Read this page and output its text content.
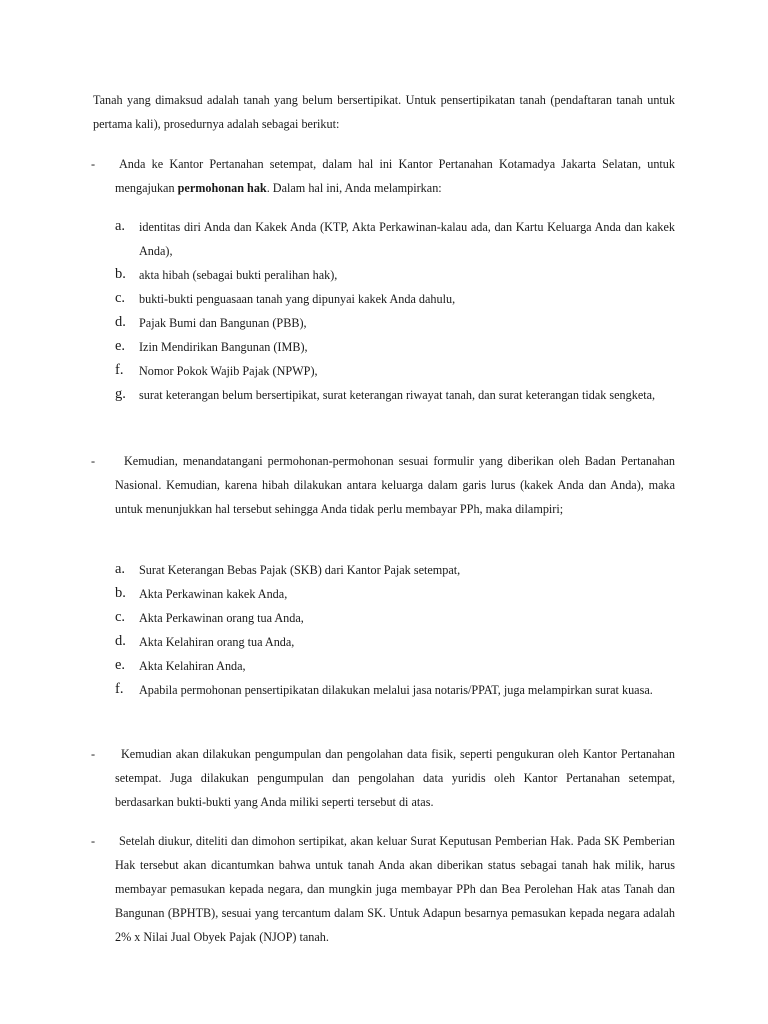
Tanah yang dimaksud adalah tanah yang belum bersertipikat. Untuk pensertipikatan tanah (pendaftaran tanah untuk pertama kali), prosedurnya adalah sebagai berikut:

-	Anda ke Kantor Pertanahan setempat, dalam hal ini Kantor Pertanahan Kotamadya Jakarta Selatan, untuk mengajukan permohonan hak. Dalam hal ini, Anda melampirkan:

a. identitas diri Anda dan Kakek Anda (KTP, Akta Perkawinan-kalau ada, dan Kartu Keluarga Anda dan kakek Anda),
b. akta hibah (sebagai bukti peralihan hak),
c. bukti-bukti penguasaan tanah yang dipunyai kakek Anda dahulu,
d. Pajak Bumi dan Bangunan (PBB),
e. Izin Mendirikan Bangunan (IMB),
f. Nomor Pokok Wajib Pajak (NPWP),
g. surat keterangan belum bersertipikat, surat keterangan riwayat tanah, dan surat keterangan tidak sengketa,
-	Kemudian, menandatangani permohonan-permohonan sesuai formulir yang diberikan oleh Badan Pertanahan Nasional. Kemudian, karena hibah dilakukan antara keluarga dalam garis lurus (kakek Anda dan Anda), maka untuk menunjukkan hal tersebut sehingga Anda tidak perlu membayar PPh, maka dilampiri;

a. Surat Keterangan Bebas Pajak (SKB) dari Kantor Pajak setempat,
b. Akta Perkawinan kakek Anda,
c. Akta Perkawinan orang tua Anda,
d. Akta Kelahiran orang tua Anda,
e. Akta Kelahiran Anda,
f. Apabila permohonan pensertipikatan dilakukan melalui jasa notaris/PPAT, juga melampirkan surat kuasa.
-	Kemudian akan dilakukan pengumpulan dan pengolahan data fisik, seperti pengukuran oleh Kantor Pertanahan setempat. Juga dilakukan pengumpulan dan pengolahan data yuridis oleh Kantor Pertanahan setempat, berdasarkan bukti-bukti yang Anda miliki seperti tersebut di atas.

-	Setelah diukur, diteliti dan dimohon sertipikat, akan keluar Surat Keputusan Pemberian Hak. Pada SK Pemberian Hak tersebut akan dicantumkan bahwa untuk tanah Anda akan diberikan status sebagai tanah hak milik, harus membayar pemasukan kepada negara, dan mungkin juga membayar PPh dan Bea Perolehan Hak atas Tanah dan Bangunan (BPHTB), sesuai yang tercantum dalam SK. Untuk Adapun besarnya pemasukan kepada negara adalah 2% x Nilai Jual Obyek Pajak (NJOP) tanah.
